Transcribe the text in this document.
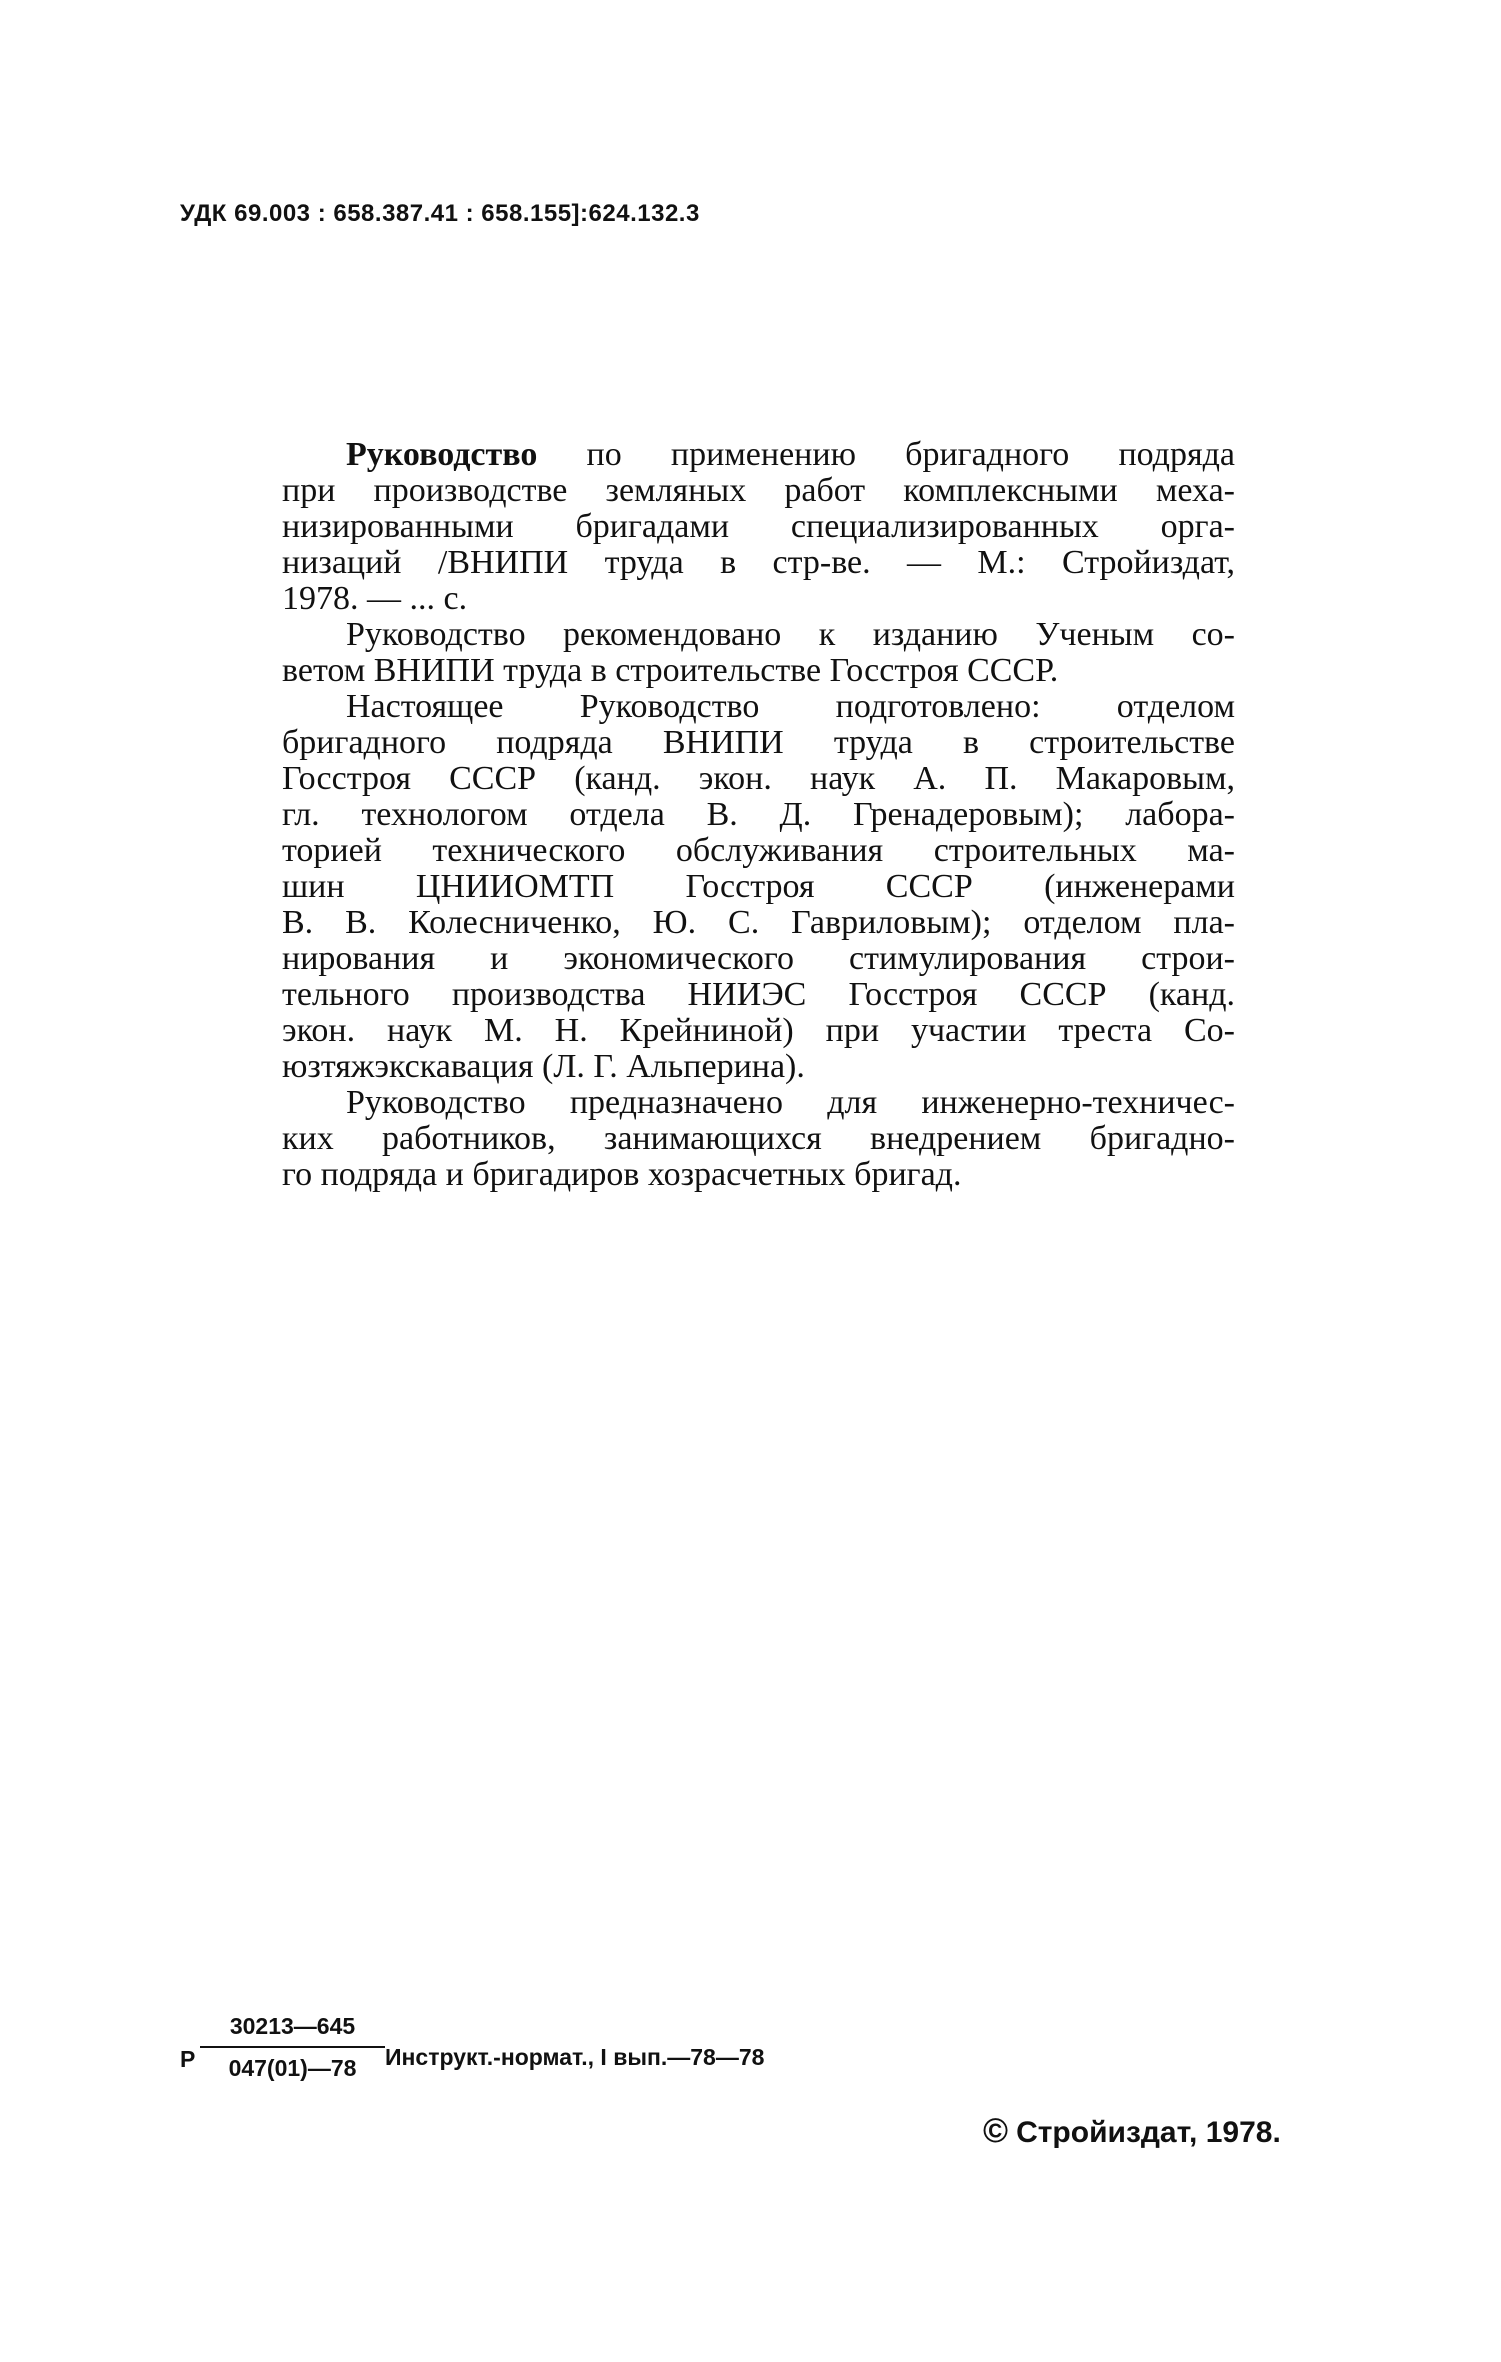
УДК 69.003 : 658.387.41 : 658.155]:624.132.3

Руководство по применению бригадного подряда
при производстве земляных работ комплексными меха-
низированными бригадами специализированных орга-
низаций /ВНИПИ труда в стр-ве. — М.: Стройиздат,
1978. — ... с.

Руководство рекомендовано к изданию Ученым со-
ветом ВНИПИ труда в строительстве Госстроя СССР.

Настоящее Руководство подготовлено: отделом
бригадного подряда ВНИПИ труда в строительстве
Госстроя СССР (канд. экон. наук А. П. Макаровым,
гл. технологом отдела В. Д. Гренадеровым); лабора-
торией технического обслуживания строительных ма-
шин ЦНИИОМТП Госстроя СССР (инженерами
В. В. Колесниченко, Ю. С. Гавриловым); отделом пла-
нирования и экономического стимулирования строи-
тельного производства НИИЭС Госстроя СССР (канд.
экон. наук М. Н. Крейниной) при участии треста Со-
юзтяжэкскавация (Л. Г. Альперина).

Руководство предназначено для инженерно-техничес-
ких работников, занимающихся внедрением бригадно-
го подряда и бригадиров хозрасчетных бригад.

Р
30213—645
047(01)—78	Инструкт.-нормат., I вып.—78—78
© Стройиздат, 1978.
